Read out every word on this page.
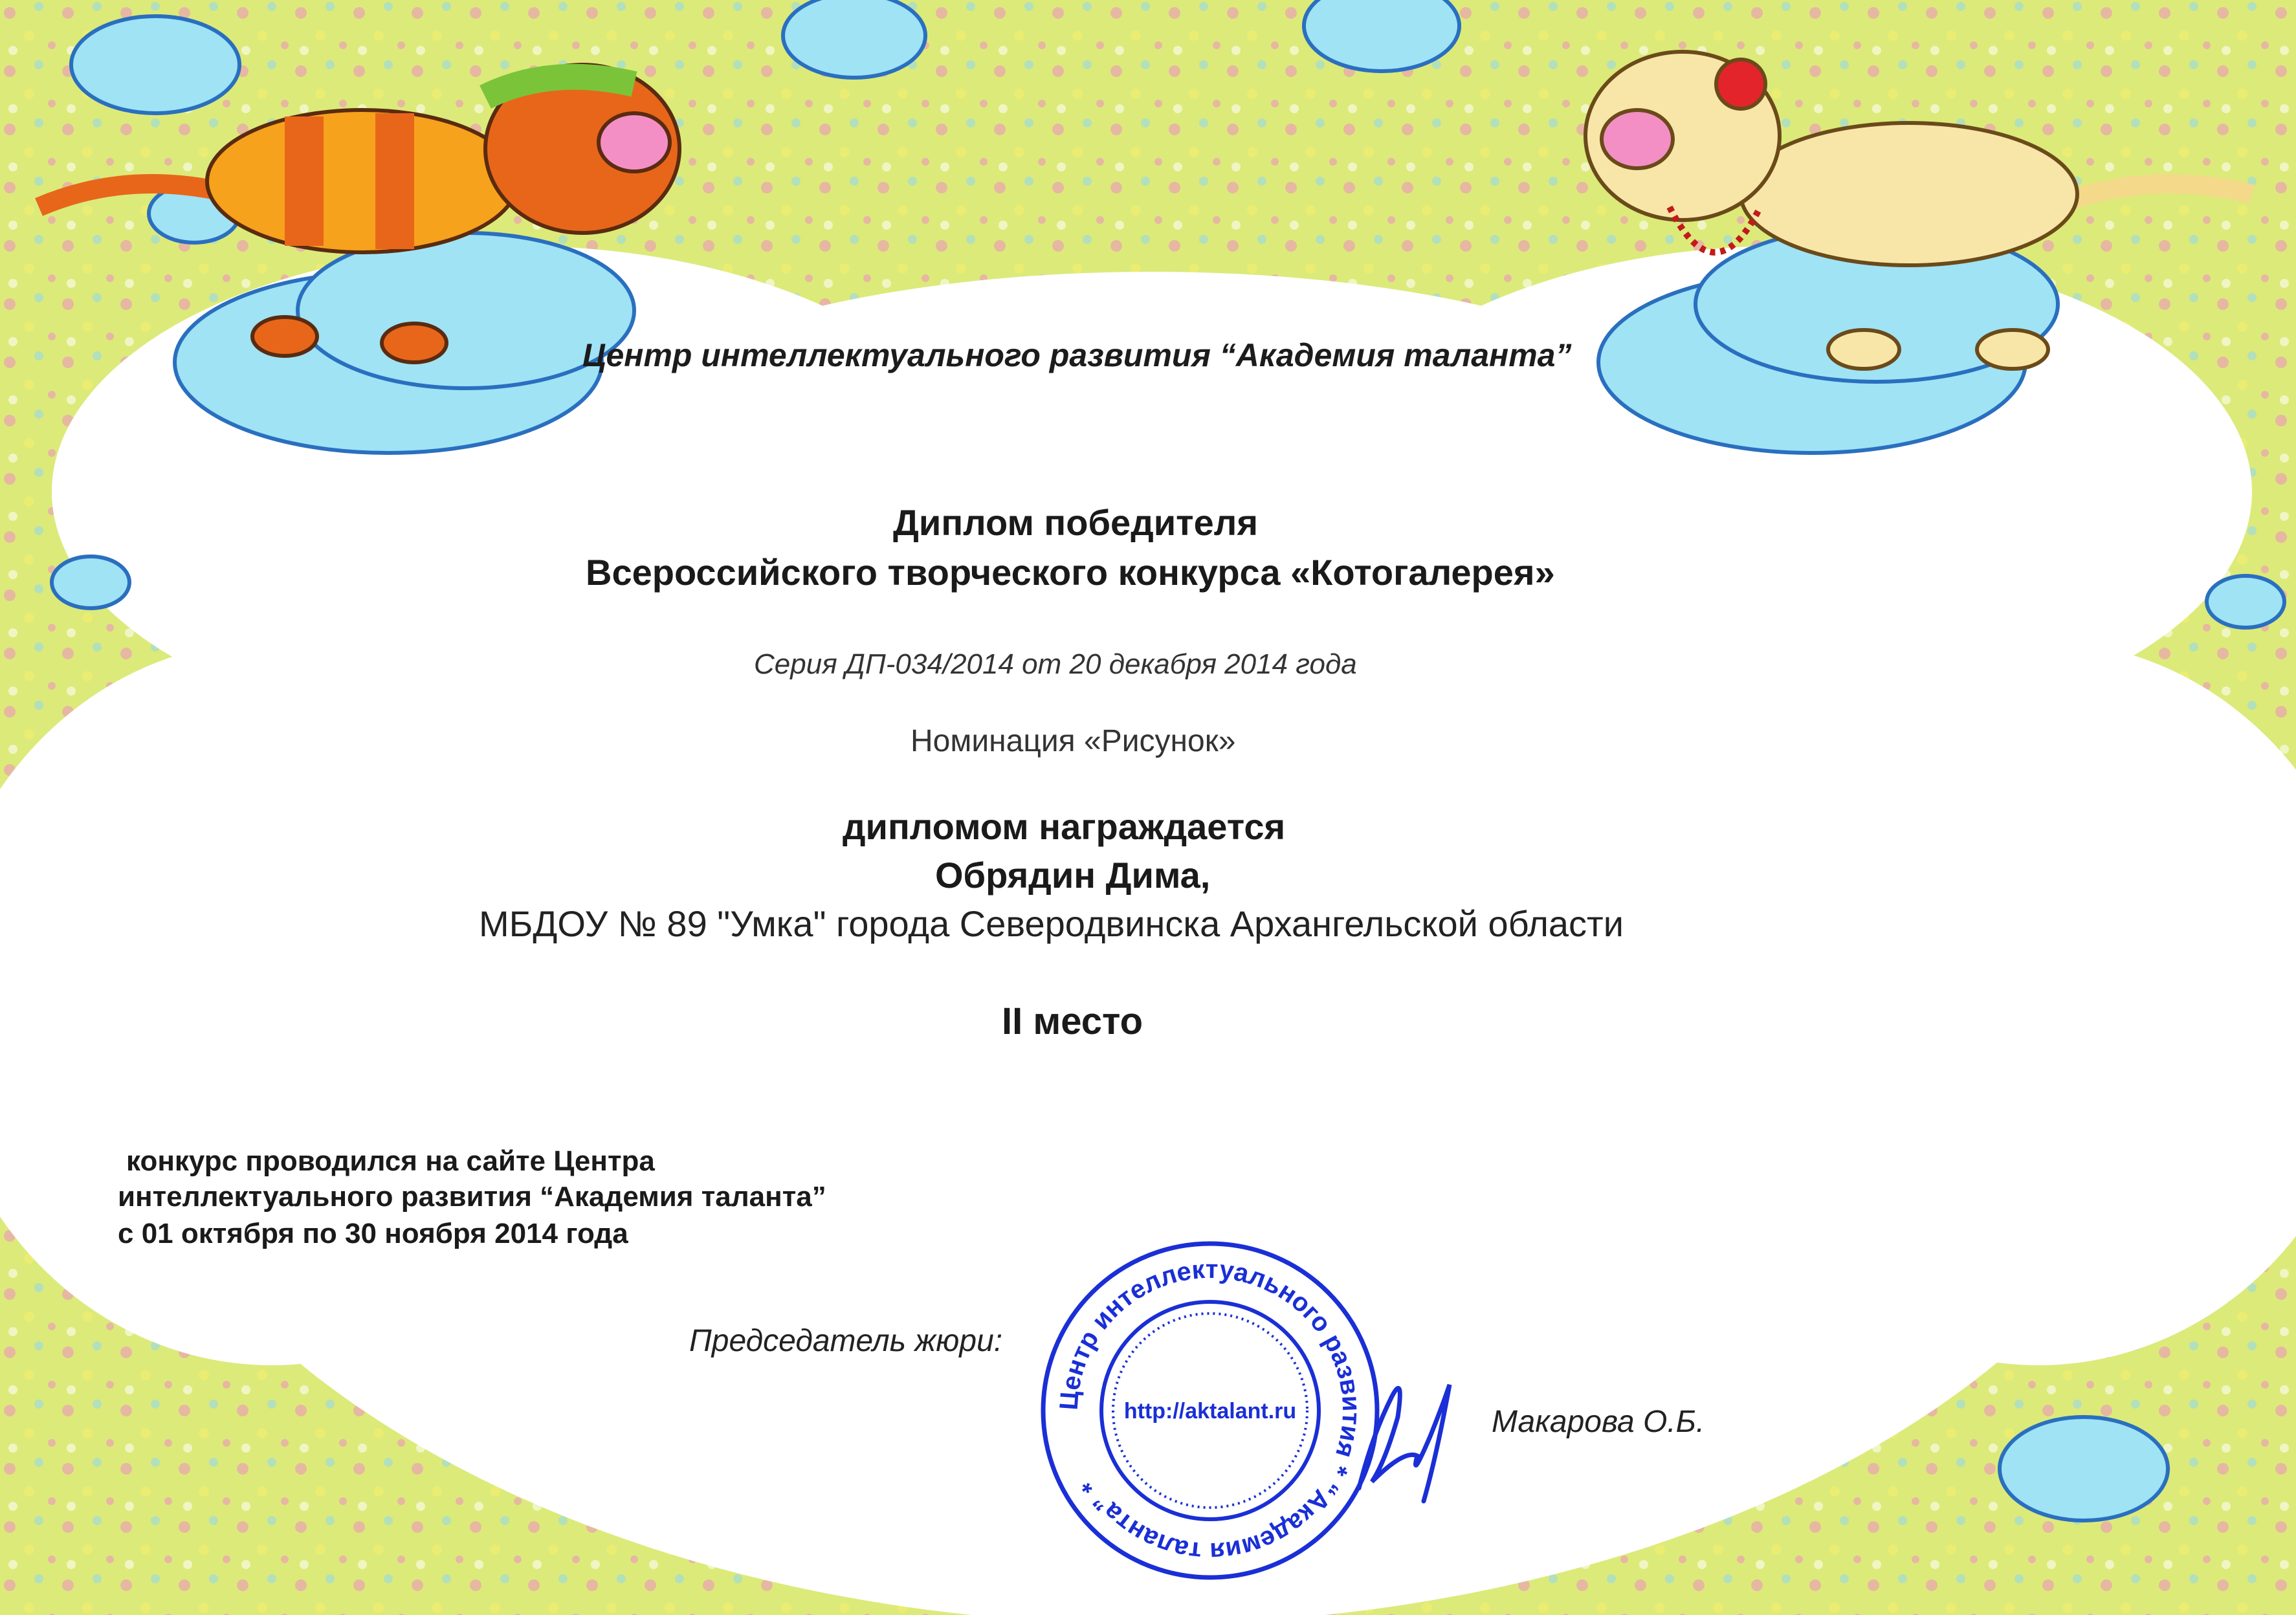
Центр интеллектуального развития “Академия таланта”
Диплом победителя
Всероссийского творческого конкурса «Котогалерея»
Серия ДП-034/2014 от 20 декабря 2014 года
Номинация «Рисунок»
дипломом награждается
Обрядин Дима,
МБДОУ № 89 "Умка" города Северодвинска Архангельской области
II место
конкурс проводился на сайте Центра
интеллектуального развития “Академия таланта”
с 01 октября по 30 ноября 2014 года
Председатель жюри:
Центр интеллектуального развития * “Академия таланта” *
http://aktalant.ru	Макарова О.Б.
